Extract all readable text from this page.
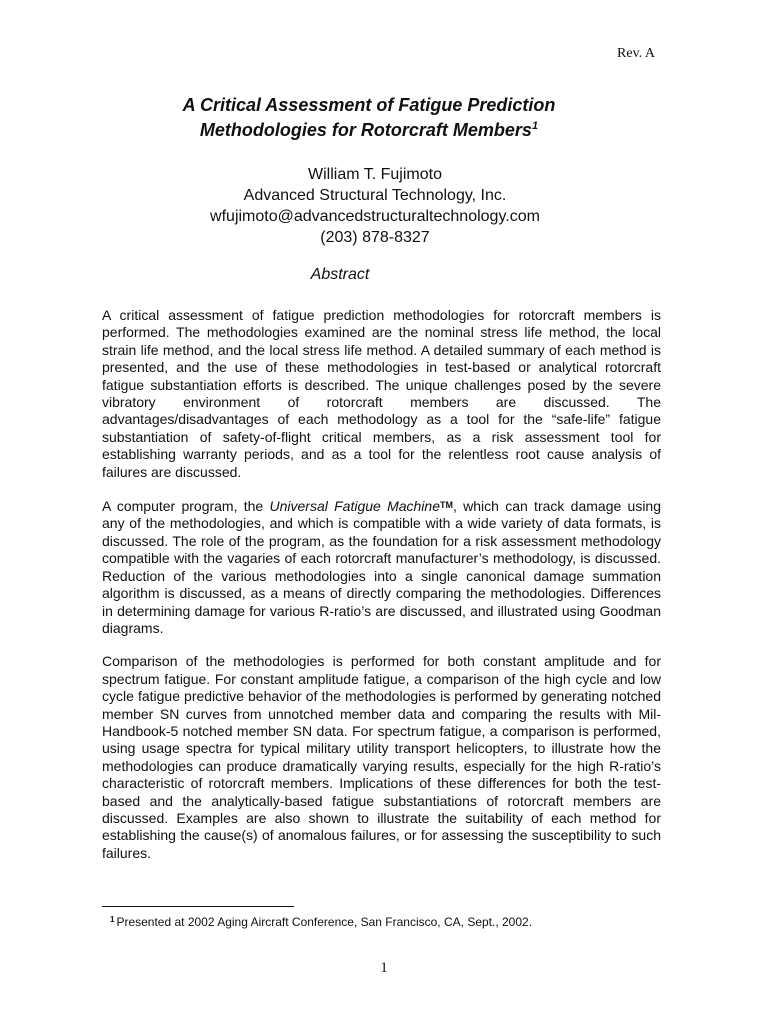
Rev. A
A Critical Assessment of Fatigue Prediction
Methodologies for Rotorcraft Members$^1$
William T. Fujimoto
Advanced Structural Technology, Inc.
wfujimoto@advancedstructuraltechnology.com
(203) 878-8327
Abstract

A critical assessment of fatigue prediction methodologies for rotorcraft members is performed. The methodologies examined are the nominal stress life method, the local strain life method, and the local stress life method. A detailed summary of each method is presented, and the use of these methodologies in test-based or analytical rotorcraft fatigue substantiation efforts is described. The unique challenges posed by the severe vibratory environment of rotorcraft members are discussed. The advantages/disadvantages of each methodology as a tool for the “safe-life” fatigue substantiation of safety-of-flight critical members, as a risk assessment tool for establishing warranty periods, and as a tool for the relentless root cause analysis of failures are discussed.

A computer program, the Universal Fatigue Machine™, which can track damage using any of the methodologies, and which is compatible with a wide variety of data formats, is discussed. The role of the program, as the foundation for a risk assessment methodology compatible with the vagaries of each rotorcraft manufacturer’s methodology, is discussed. Reduction of the various methodologies into a single canonical damage summation algorithm is discussed, as a means of directly comparing the methodologies. Differences in determining damage for various R-ratio’s are discussed, and illustrated using Goodman diagrams.

Comparison of the methodologies is performed for both constant amplitude and for spectrum fatigue. For constant amplitude fatigue, a comparison of the high cycle and low cycle fatigue predictive behavior of the methodologies is performed by generating notched member SN curves from unnotched member data and comparing the results with Mil-Handbook-5 notched member SN data. For spectrum fatigue, a comparison is performed, using usage spectra for typical military utility transport helicopters, to illustrate how the methodologies can produce dramatically varying results, especially for the high R-ratio’s characteristic of rotorcraft members. Implications of these differences for both the test-based and the analytically-based fatigue substantiations of rotorcraft members are discussed. Examples are also shown to illustrate the suitability of each method for establishing the cause(s) of anomalous failures, or for assessing the susceptibility to such failures.

$^1$ Presented at 2002 Aging Aircraft Conference, San Francisco, CA, Sept., 2002.
1
